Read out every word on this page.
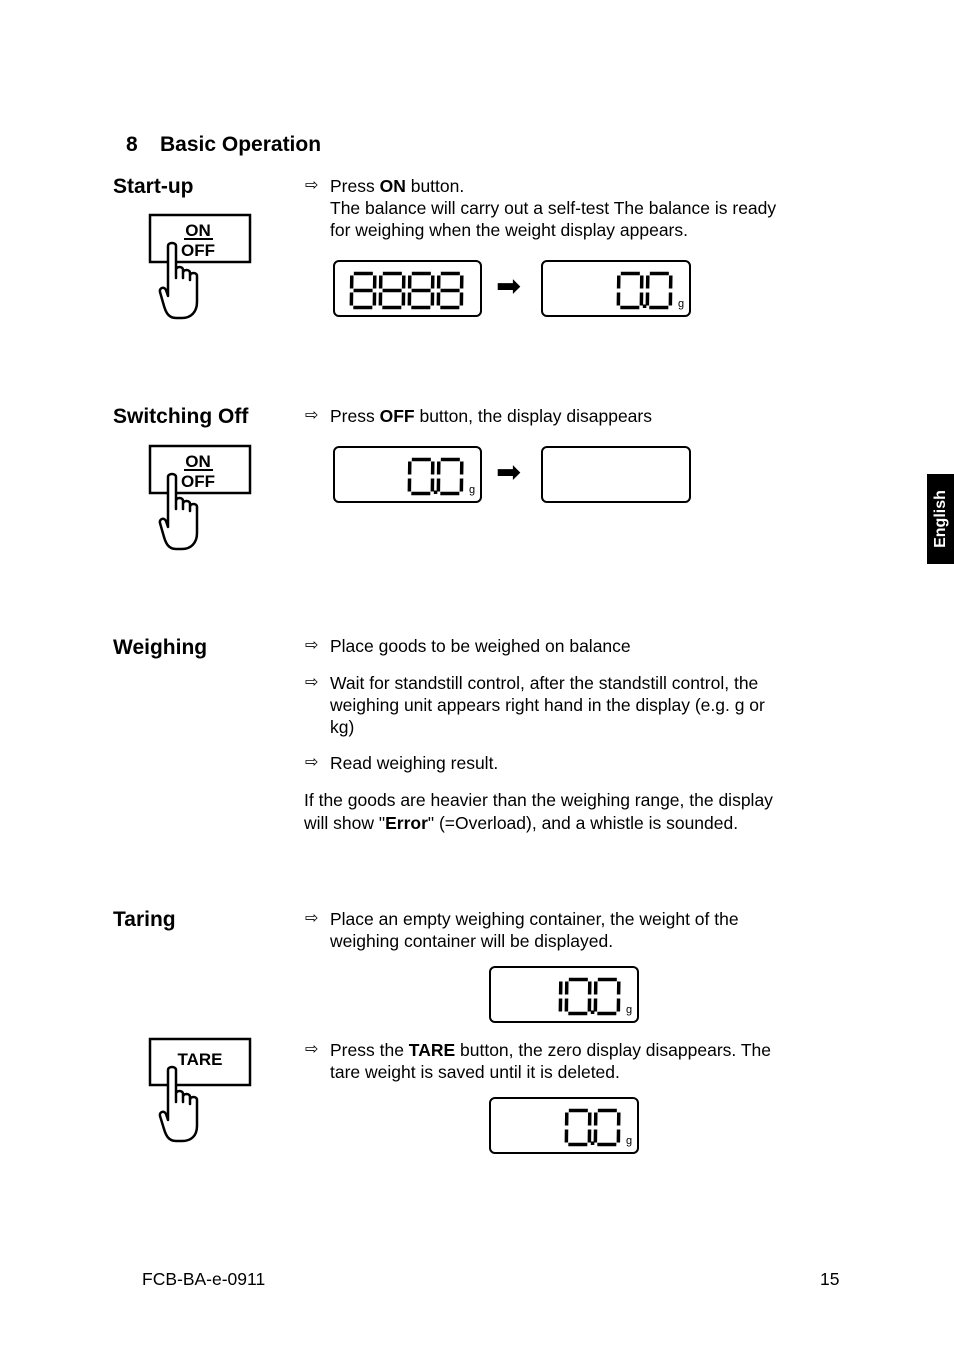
8 Basic Operation
English
Start-up
ON
OFF
⇨ Press ON button.
The balance will carry out a self-test The balance is ready
for weighing when the weight display appears.
➡
g
Switching Off
ON
OFF
⇨ Press OFF button, the display disappears
g
➡
Weighing	⇨ Place goods to be weighed on balance
⇨ Wait for standstill control, after the standstill control, the
weighing unit appears right hand in the display (e.g. g or
kg)
⇨ Read weighing result.
If the goods are heavier than the weighing range, the display
will show "Error" (=Overload), and a whistle is sounded.
Taring	⇨ Place an empty weighing container, the weight of the
weighing container will be displayed.
g
TARE
⇨ Press the TARE button, the zero display disappears. The
tare weight is saved until it is deleted.
g
FCB-BA-e-0911	15
